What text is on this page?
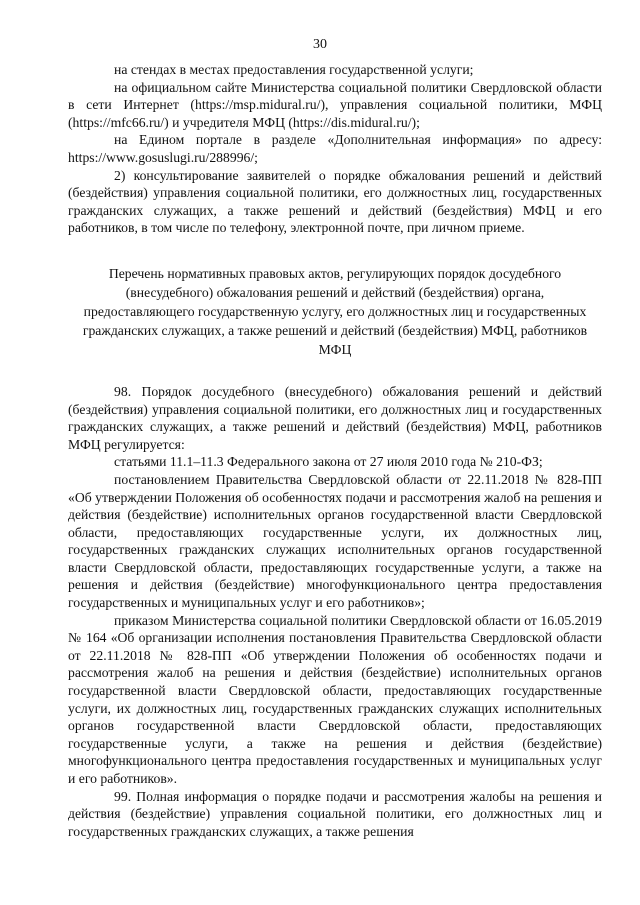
30

на стендах в местах предоставления государственной услуги;

на официальном сайте Министерства социальной политики Свердловской области в сети Интернет (https://msp.midural.ru/), управления социальной политики, МФЦ (https://mfc66.ru/) и учредителя МФЦ (https://dis.midural.ru/);

на Едином портале в разделе «Дополнительная информация» по адресу: https://www.gosuslugi.ru/288996/;

2) консультирование заявителей о порядке обжалования решений и действий (бездействия) управления социальной политики, его должностных лиц, государственных гражданских служащих, а также решений и действий (бездействия) МФЦ и его работников, в том числе по телефону, электронной почте, при личном приеме.

Перечень нормативных правовых актов, регулирующих порядок досудебного (внесудебного) обжалования решений и действий (бездействия) органа, предоставляющего государственную услугу, его должностных лиц и государственных гражданских служащих, а также решений и действий (бездействия) МФЦ, работников МФЦ

98. Порядок досудебного (внесудебного) обжалования решений и действий (бездействия) управления социальной политики, его должностных лиц и государственных гражданских служащих, а также решений и действий (бездействия) МФЦ, работников МФЦ регулируется:

статьями 11.1–11.3 Федерального закона от 27 июля 2010 года № 210-ФЗ;

постановлением Правительства Свердловской области от 22.11.2018 № 828-ПП «Об утверждении Положения об особенностях подачи и рассмотрения жалоб на решения и действия (бездействие) исполнительных органов государственной власти Свердловской области, предоставляющих государственные услуги, их должностных лиц, государственных гражданских служащих исполнительных органов государственной власти Свердловской области, предоставляющих государственные услуги, а также на решения и действия (бездействие) многофункционального центра предоставления государственных и муниципальных услуг и его работников»;

приказом Министерства социальной политики Свердловской области от 16.05.2019 № 164 «Об организации исполнения постановления Правительства Свердловской области от 22.11.2018 № 828-ПП «Об утверждении Положения об особенностях подачи и рассмотрения жалоб на решения и действия (бездействие) исполнительных органов государственной власти Свердловской области, предоставляющих государственные услуги, их должностных лиц, государственных гражданских служащих исполнительных органов государственной власти Свердловской области, предоставляющих государственные услуги, а также на решения и действия (бездействие) многофункционального центра предоставления государственных и муниципальных услуг и его работников».

99. Полная информация о порядке подачи и рассмотрения жалобы на решения и действия (бездействие) управления социальной политики, его должностных лиц и государственных гражданских служащих, а также решения
